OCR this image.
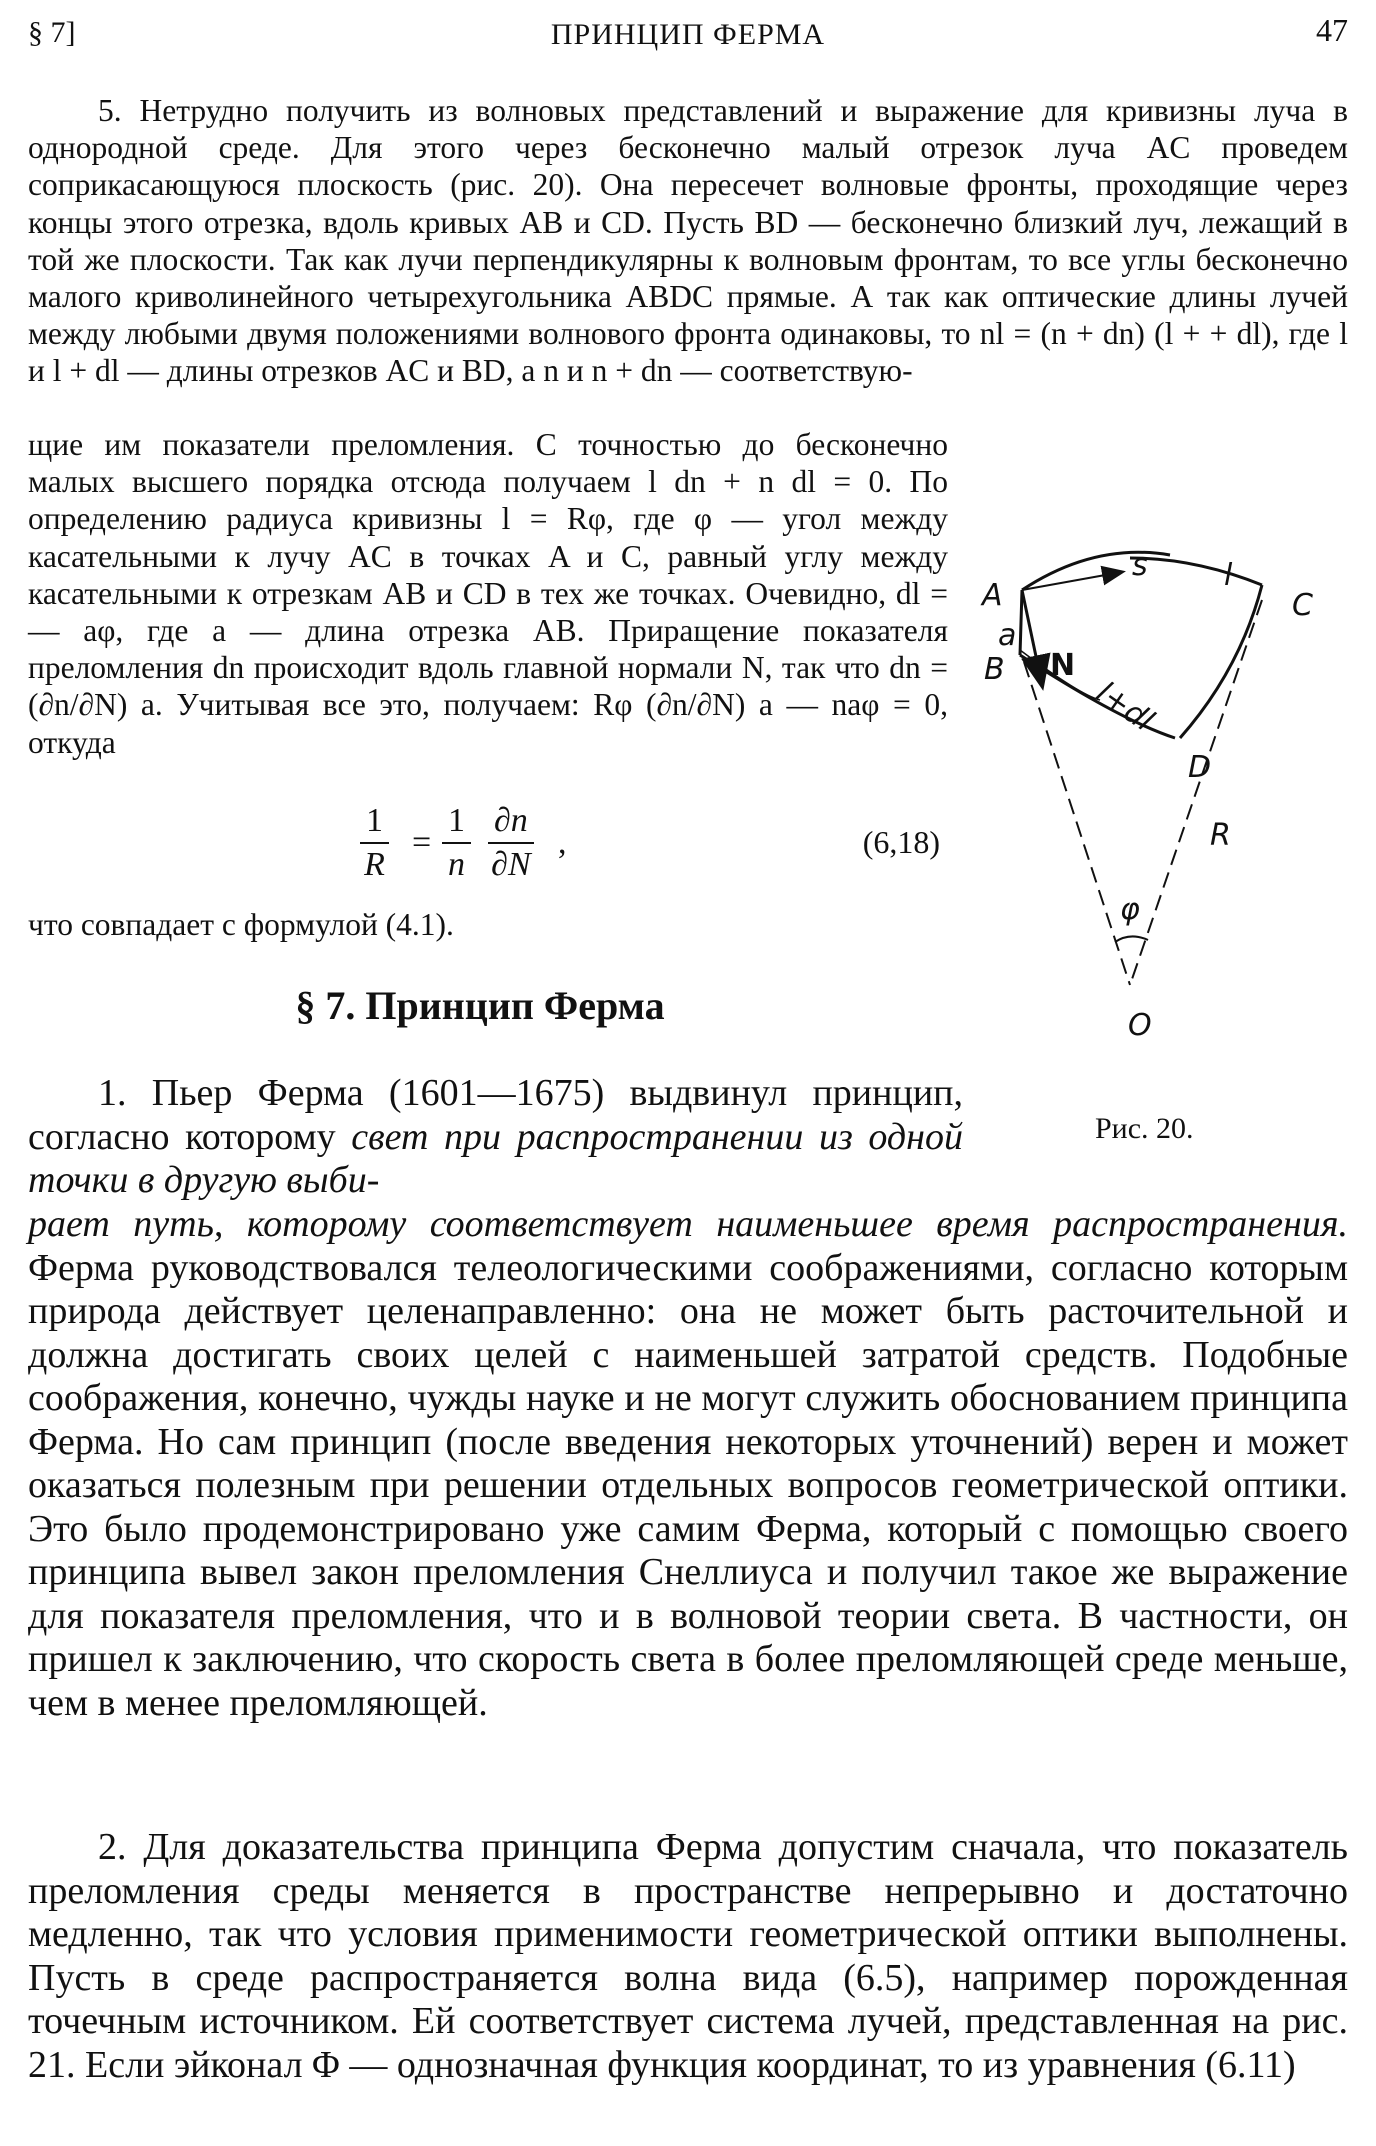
§ 7]	ПРИНЦИП ФЕРМА	47

5. Нетрудно получить из волновых представлений и выражение для кривизны луча в однородной среде. Для этого через бесконечно малый отрезок луча AC проведем соприкасающуюся плоскость (рис. 20). Она пересечет волновые фронты, проходящие через концы этого отрезка, вдоль кривых AB и CD. Пусть BD — бесконечно близкий луч, лежащий в той же плоскости. Так как лучи перпендикулярны к волновым фронтам, то все углы бесконечно малого криволинейного четырехугольника ABDC прямые. А так как оптические длины лучей между любыми двумя положениями волнового фронта одинаковы, то nl = (n + dn) (l + + dl), где l и l + dl — длины отрезков AC и BD, а n и n + dn — соответствую-

щие им показатели преломления. С точностью до бесконечно малых высшего порядка отсюда получаем l dn + n dl = 0. По определению радиуса кривизны l = Rφ, где φ — угол между касательными к лучу AC в точках A и C, равный углу между касательными к отрезкам AB и CD в тех же точках. Очевидно, dl = — aφ, где a — длина отрезка AB. Приращение показателя преломления dn происходит вдоль главной нормали N, так что dn = (∂n/∂N) a. Учитывая все это, получаем: Rφ (∂n/∂N) a — naφ = 0, откуда

$\frac{1}{R} = \frac{1}{n} \frac{\partial n}{\partial N}$ ,	(6,18)

что совпадает с формулой (4.1).

§ 7. Принцип Ферма

1. Пьер Ферма (1601—1675) выдвинул принцип, согласно которому свет при распространении из одной точки в другую выби-

рает путь, которому соответствует наименьшее время распространения. Ферма руководствовался телеологическими соображениями, согласно которым природа действует целенаправленно: она не может быть расточительной и должна достигать своих целей с наименьшей затратой средств. Подобные соображения, конечно, чужды науке и не могут служить обоснованием принципа Ферма. Но сам принцип (после введения некоторых уточнений) верен и может оказаться полезным при решении отдельных вопросов геометрической оптики. Это было продемонстрировано уже самим Ферма, который с помощью своего принципа вывел закон преломления Снеллиуса и получил такое же выражение для показателя преломления, что и в волновой теории света. В частности, он пришел к заключению, что скорость света в более преломляющей среде меньше, чем в менее преломляющей.

2. Для доказательства принципа Ферма допустим сначала, что показатель преломления среды меняется в пространстве непрерывно и достаточно медленно, так что условия применимости геометрической оптики выполнены. Пусть в среде распространяется волна вида (6.5), например порожденная точечным источником. Ей соответствует система лучей, представленная на рис. 21. Если эйконал Φ — однозначная функция координат, то из уравнения (6.11)

A	C
B
D
O
s	l
a
N
l+dl
R
φ
Рис. 20.
